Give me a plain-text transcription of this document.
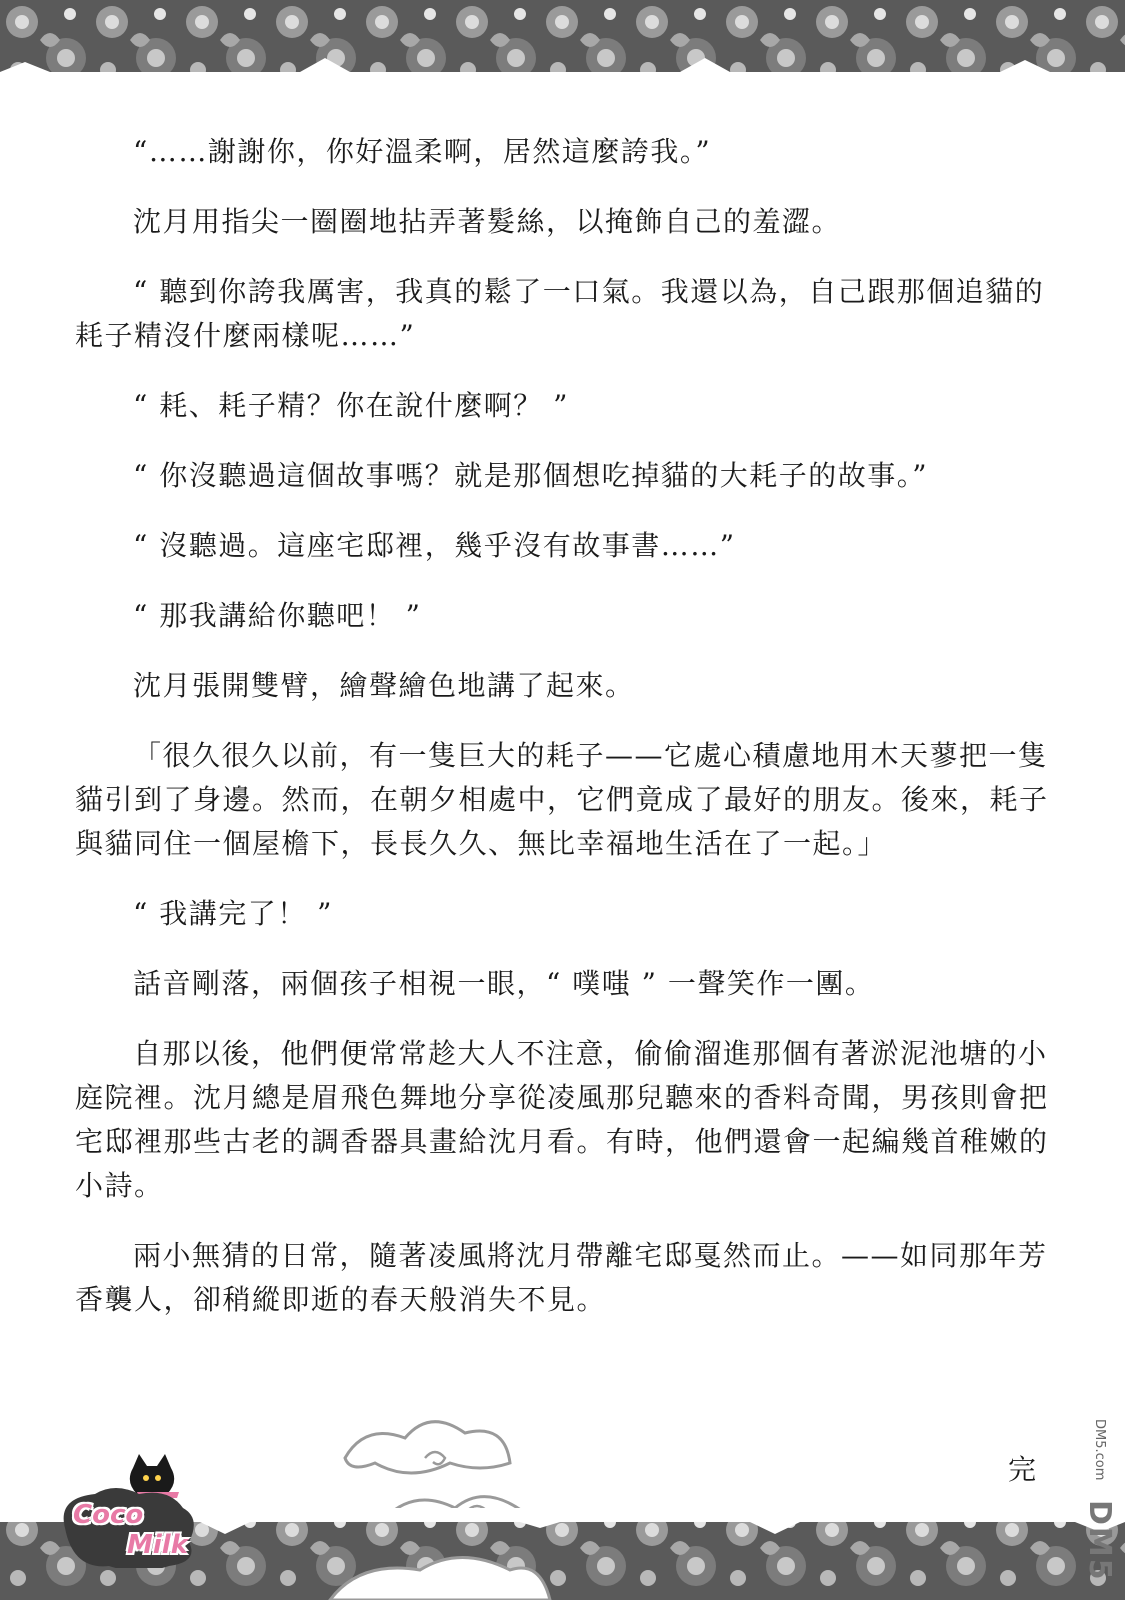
“……謝謝你，你好溫柔啊，居然這麼誇我。”

沈月用指尖一圈圈地拈弄著髮絲，以掩飾自己的羞澀。

“ 聽到你誇我厲害，我真的鬆了一口氣。我還以為，自己跟那個追貓的耗子精沒什麼兩樣呢……”

“ 耗、耗子精？你在說什麼啊？ ”

“ 你沒聽過這個故事嗎？就是那個想吃掉貓的大耗子的故事。”

“ 沒聽過。這座宅邸裡，幾乎沒有故事書……”

“ 那我講給你聽吧！ ”

沈月張開雙臂，繪聲繪色地講了起來。

「很久很久以前，有一隻巨大的耗子——它處心積慮地用木天蓼把一隻貓引到了身邊。然而，在朝夕相處中，它們竟成了最好的朋友。後來，耗子與貓同住一個屋檐下，長長久久、無比幸福地生活在了一起。」

“ 我講完了！ ”

話音剛落，兩個孩子相視一眼，“ 噗嗤 ” 一聲笑作一團。

自那以後，他們便常常趁大人不注意，偷偷溜進那個有著淤泥池塘的小庭院裡。沈月總是眉飛色舞地分享從凌風那兒聽來的香料奇聞，男孩則會把宅邸裡那些古老的調香器具畫給沈月看。有時，他們還會一起編幾首稚嫩的小詩。

兩小無猜的日常，隨著凌風將沈月帶離宅邸戛然而止。——如同那年芳香襲人，卻稍縱即逝的春天般消失不見。

完
Coco
Milk
DM5.com
DM5
